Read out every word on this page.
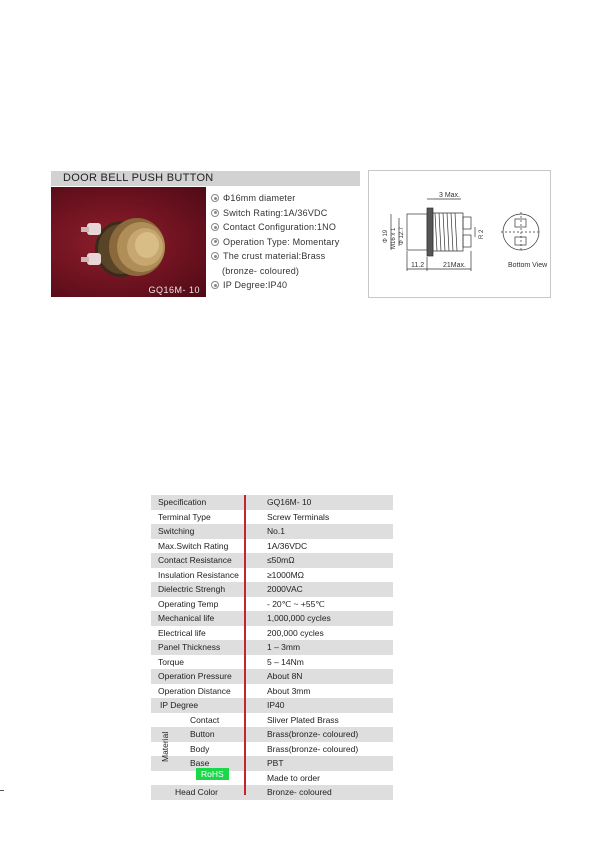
DOOR BELL PUSH BUTTON
GQ16M- 10
Φ16mm diameter
Switch Rating:1A/36VDC
Contact Configuration:1NO
Operation Type: Momentary
The crust material:Brass
(bronze- coloured)
IP Degree:IP40
3 Max.
Φ 19 M16 x 1 Φ 12.7	R 2
11.2	21Max.	Bottom View
Specification	GQ16M- 10
Terminal Type	Screw Terminals
Switching	No.1
Max.Switch Rating	1A/36VDC
Contact Resistance	≤50mΩ
Insulation Resistance	≥1000MΩ
Dielectric Strengh	2000VAC
Operating Temp	- 20℃ ~ +55℃
Mechanical life	1,000,000 cycles
Electrical life	200,000 cycles
Panel Thickness	1 – 3mm
Torque	5 – 14Nm
Operation Pressure	About 8N
Operation Distance	About 3mm
IP Degree	IP40
Contact	Sliver Plated Brass
Button	Brass(bronze- coloured)
Body	Brass(bronze- coloured)
Base	PBT
Made to order
Head Color	Bronze- coloured
Material
RoHS
